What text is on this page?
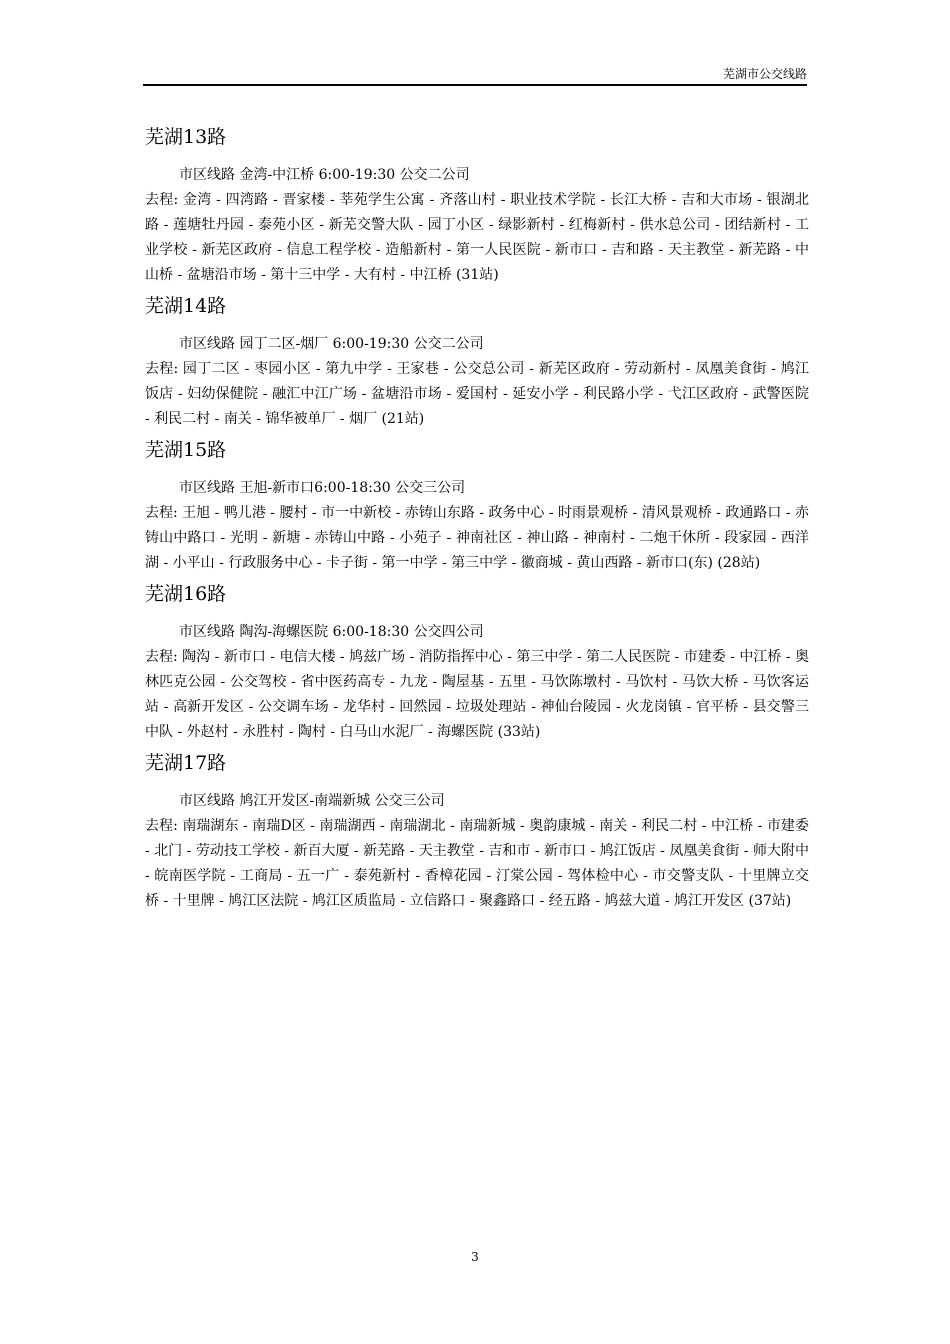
芜湖市公交线路
芜湖13路

市区线路 金湾-中江桥 6:00-19:30 公交二公司

去程: 金湾 - 四湾路 - 晋家楼 - 莘苑学生公寓 - 齐落山村 - 职业技术学院 - 长江大桥 - 吉和大市场 - 银湖北路 - 莲塘牡丹园 - 泰苑小区 - 新芜交警大队 - 园丁小区 - 绿影新村 - 红梅新村 - 供水总公司 - 团结新村 - 工业学校 - 新芜区政府 - 信息工程学校 - 造船新村 - 第一人民医院 - 新市口 - 吉和路 - 天主教堂 - 新芜路 - 中山桥 - 盆塘沿市场 - 第十三中学 - 大有村 - 中江桥 (31站)

芜湖14路

市区线路 园丁二区-烟厂 6:00-19:30 公交二公司

去程: 园丁二区 - 枣园小区 - 第九中学 - 王家巷 - 公交总公司 - 新芜区政府 - 劳动新村 - 凤凰美食街 - 鸠江饭店 - 妇幼保健院 - 融汇中江广场 - 盆塘沿市场 - 爱国村 - 延安小学 - 利民路小学 - 弋江区政府 - 武警医院 - 利民二村 - 南关 - 锦华被单厂 - 烟厂 (21站)

芜湖15路

市区线路 王旭-新市口6:00-18:30 公交三公司

去程: 王旭 - 鸭儿港 - 腰村 - 市一中新校 - 赤铸山东路 - 政务中心 - 时雨景观桥 - 清风景观桥 - 政通路口 - 赤铸山中路口 - 光明 - 新塘 - 赤铸山中路 - 小苑子 - 神南社区 - 神山路 - 神南村 - 二炮干休所 - 段家园 - 西洋湖 - 小平山 - 行政服务中心 - 卡子街 - 第一中学 - 第三中学 - 徽商城 - 黄山西路 - 新市口(东) (28站)

芜湖16路

市区线路 陶沟-海螺医院 6:00-18:30 公交四公司

去程: 陶沟 - 新市口 - 电信大楼 - 鸠兹广场 - 消防指挥中心 - 第三中学 - 第二人民医院 - 市建委 - 中江桥 - 奥林匹克公园 - 公交驾校 - 省中医药高专 - 九龙 - 陶屋基 - 五里 - 马饮陈墩村 - 马饮村 - 马饮大桥 - 马饮客运站 - 高新开发区 - 公交调车场 - 龙华村 - 回然园 - 垃圾处理站 - 神仙台陵园 - 火龙岗镇 - 官平桥 - 县交警三中队 - 外赵村 - 永胜村 - 陶村 - 白马山水泥厂 - 海螺医院 (33站)

芜湖17路

市区线路 鸠江开发区-南端新城 公交三公司

去程: 南瑞湖东 - 南瑞D区 - 南瑞湖西 - 南瑞湖北 - 南瑞新城 - 奥韵康城 - 南关 - 利民二村 - 中江桥 - 市建委 - 北门 - 劳动技工学校 - 新百大厦 - 新芜路 - 天主教堂 - 吉和市 - 新市口 - 鸠江饭店 - 凤凰美食街 - 师大附中 - 皖南医学院 - 工商局 - 五一广 - 泰苑新村 - 香樟花园 - 汀棠公园 - 驾体检中心 - 市交警支队 - 十里牌立交桥 - 十里牌 - 鸠江区法院 - 鸠江区质监局 - 立信路口 - 聚鑫路口 - 经五路 - 鸠兹大道 - 鸠江开发区 (37站)

3
